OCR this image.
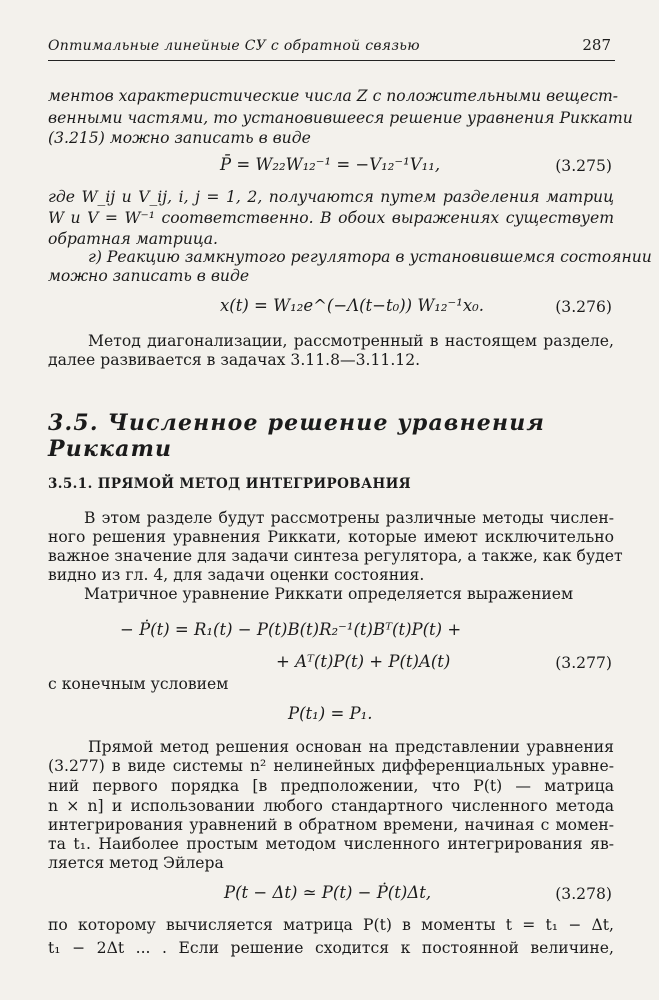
Оптимальные линейные СУ с обратной связью	287
ментов характеристические числа Z с положительными вещест-
венными частями, то установившееся решение уравнения Риккати
(3.215) можно записать в виде
P̄ = W₂₂W₁₂⁻¹ = −V₁₂⁻¹V₁₁,	(3.275)
где W_ij и V_ij, i, j = 1, 2, получаются путем разделения матриц
W и V = W⁻¹ соответственно. В обоих выражениях существует
обратная матрица.
г) Реакцию замкнутого регулятора в установившемся состоянии
можно записать в виде
x(t) = W₁₂e^(−Λ(t−t₀)) W₁₂⁻¹x₀.	(3.276)
Метод диагонализации, рассмотренный в настоящем разделе,
далее развивается в задачах 3.11.8—3.11.12.
3.5. Численное решение уравнения
Риккати
3.5.1. ПРЯМОЙ МЕТОД ИНТЕГРИРОВАНИЯ
В этом разделе будут рассмотрены различные методы числен-
ного решения уравнения Риккати, которые имеют исключительно
важное значение для задачи синтеза регулятора, а также, как будет
видно из гл. 4, для задачи оценки состояния.
Матричное уравнение Риккати определяется выражением
− Ṗ(t) = R₁(t) − P(t)B(t)R₂⁻¹(t)Bᵀ(t)P(t) +
+ Aᵀ(t)P(t) + P(t)A(t)	(3.277)
с конечным условием
P(t₁) = P₁.
Прямой метод решения основан на представлении уравнения
(3.277) в виде системы n² нелинейных дифференциальных уравне-
ний первого порядка [в предположении, что P(t) — матрица
n × n] и использовании любого стандартного численного метода
интегрирования уравнений в обратном времени, начиная с момен-
та t₁. Наиболее простым методом численного интегрирования яв-
ляется метод Эйлера
P(t − Δt) ≃ P(t) − Ṗ(t)Δt,	(3.278)
по которому вычисляется матрица P(t) в моменты t = t₁ − Δt,
t₁ − 2Δt ... . Если решение сходится к постоянной величине,
